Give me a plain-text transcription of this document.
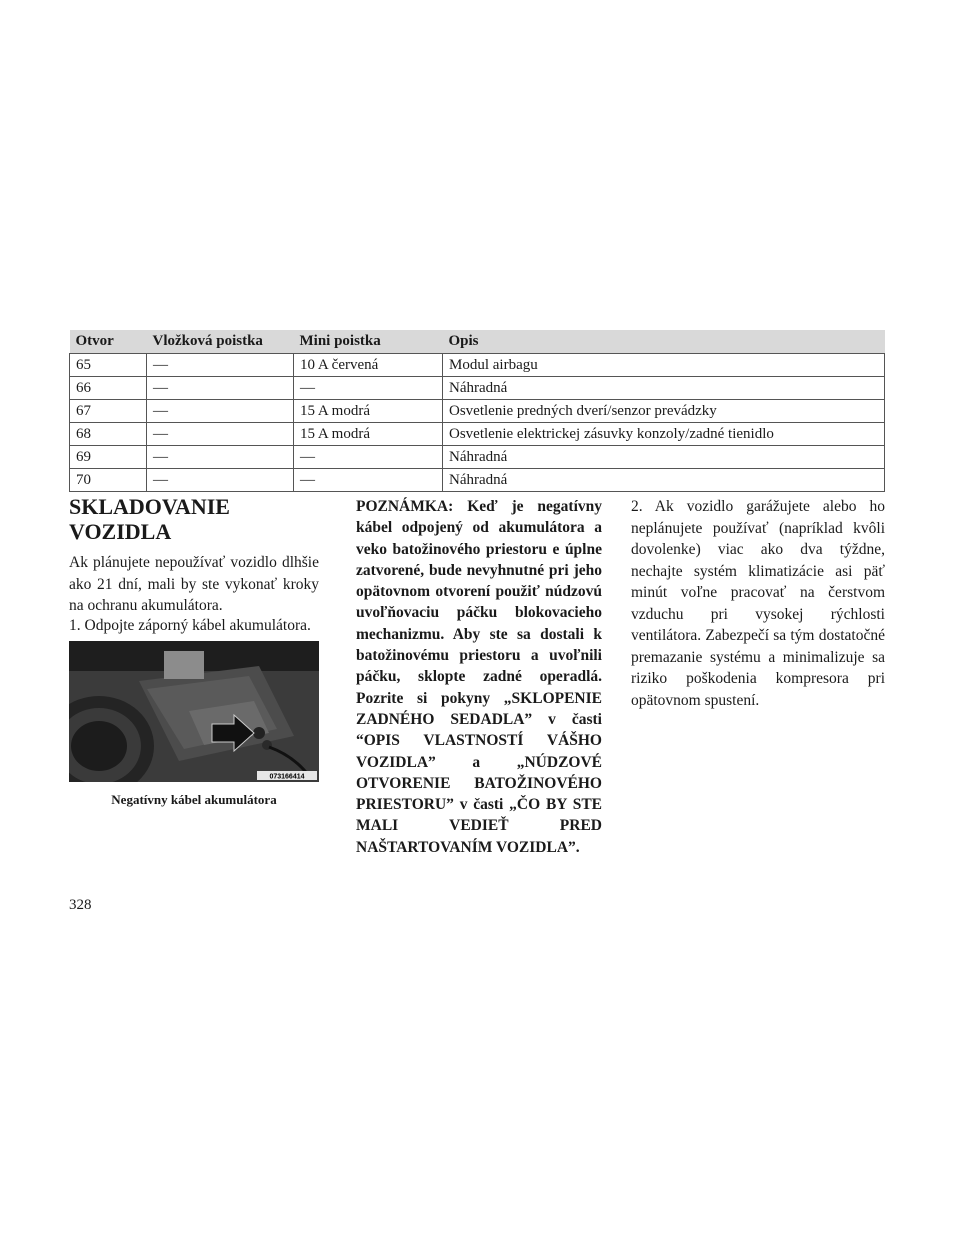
Otvor	Vložková poistka	Mini poistka	Opis
65	—	10 A červená	Modul airbagu
66	—	—	Náhradná
67	—	15 A modrá	Osvetlenie predných dverí/senzor prevádzky
68	—	15 A modrá	Osvetlenie elektrickej zásuvky konzoly/zadné tienidlo
69	—	—	Náhradná
70	—	—	Náhradná
SKLADOVANIE VOZIDLA

Ak plánujete nepoužívať vozidlo dlhšie ako 21 dní, mali by ste vykonať kroky na ochranu akumulátora.

1. Odpojte záporný kábel akumulátora.

073166414
Negatívny kábel akumulátora

POZNÁMKA: Keď je negatívny kábel odpojený od akumulátora a veko batožinového priestoru e úplne zatvorené, bude nevyhnutné pri jeho opätovnom otvorení použiť núdzovú uvoľňovaciu páčku blokovacieho mechanizmu. Aby ste sa dostali k batožinovému priestoru a uvoľnili páčku, sklopte zadné operadlá. Pozrite si pokyny „SKLOPENIE ZADNÉHO SEDADLA” v časti “OPIS VLASTNOSTÍ VÁŠHO VOZIDLA” a „NÚDZOVÉ OTVORENIE BATOŽINOVÉHO PRIESTORU” v časti „ČO BY STE MALI VEDIEŤ PRED NAŠTARTOVANÍM VOZIDLA”.

2. Ak vozidlo garážujete alebo ho neplánujete používať (napríklad kvôli dovolenke) viac ako dva týždne, nechajte systém klimatizácie asi päť minút voľne pracovať na čerstvom vzduchu pri vysokej rýchlosti ventilátora. Zabezpečí sa tým dostatočné premazanie systému a minimalizuje sa riziko poškodenia kompresora pri opätovnom spustení.

328
